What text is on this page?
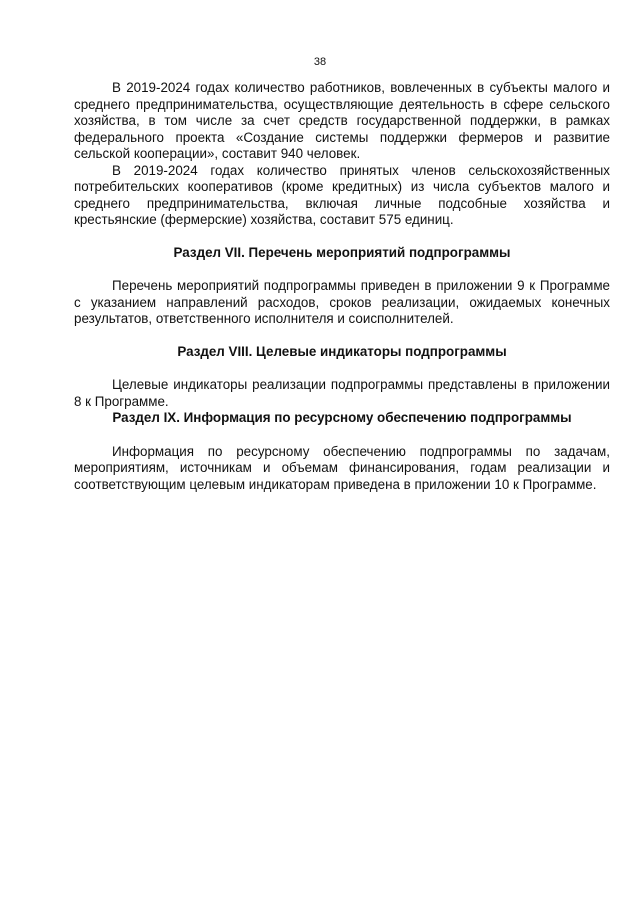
38

В 2019-2024 годах количество работников, вовлеченных в субъекты малого и среднего предпринимательства, осуществляющие деятельность в сфере сельского хозяйства, в том числе за счет средств государственной поддержки, в рамках федерального проекта «Создание системы поддержки фермеров и развитие сельской кооперации», составит 940 человек.

В 2019-2024 годах количество принятых членов сельскохозяйственных потребительских кооперативов (кроме кредитных) из числа субъектов малого и среднего предпринимательства, включая личные подсобные хозяйства и крестьянские (фермерские) хозяйства, составит 575 единиц.

Раздел VII. Перечень мероприятий подпрограммы

Перечень мероприятий подпрограммы приведен в приложении 9 к Программе с указанием направлений расходов, сроков реализации, ожидаемых конечных результатов, ответственного исполнителя и соисполнителей.

Раздел VIII. Целевые индикаторы подпрограммы

Целевые индикаторы реализации подпрограммы представлены в приложении 8 к Программе.

Раздел IX. Информация по ресурсному обеспечению подпрограммы

Информация по ресурсному обеспечению подпрограммы по задачам, мероприятиям, источникам и объемам финансирования, годам реализации и соответствующим целевым индикаторам приведена в приложении 10 к Программе.
